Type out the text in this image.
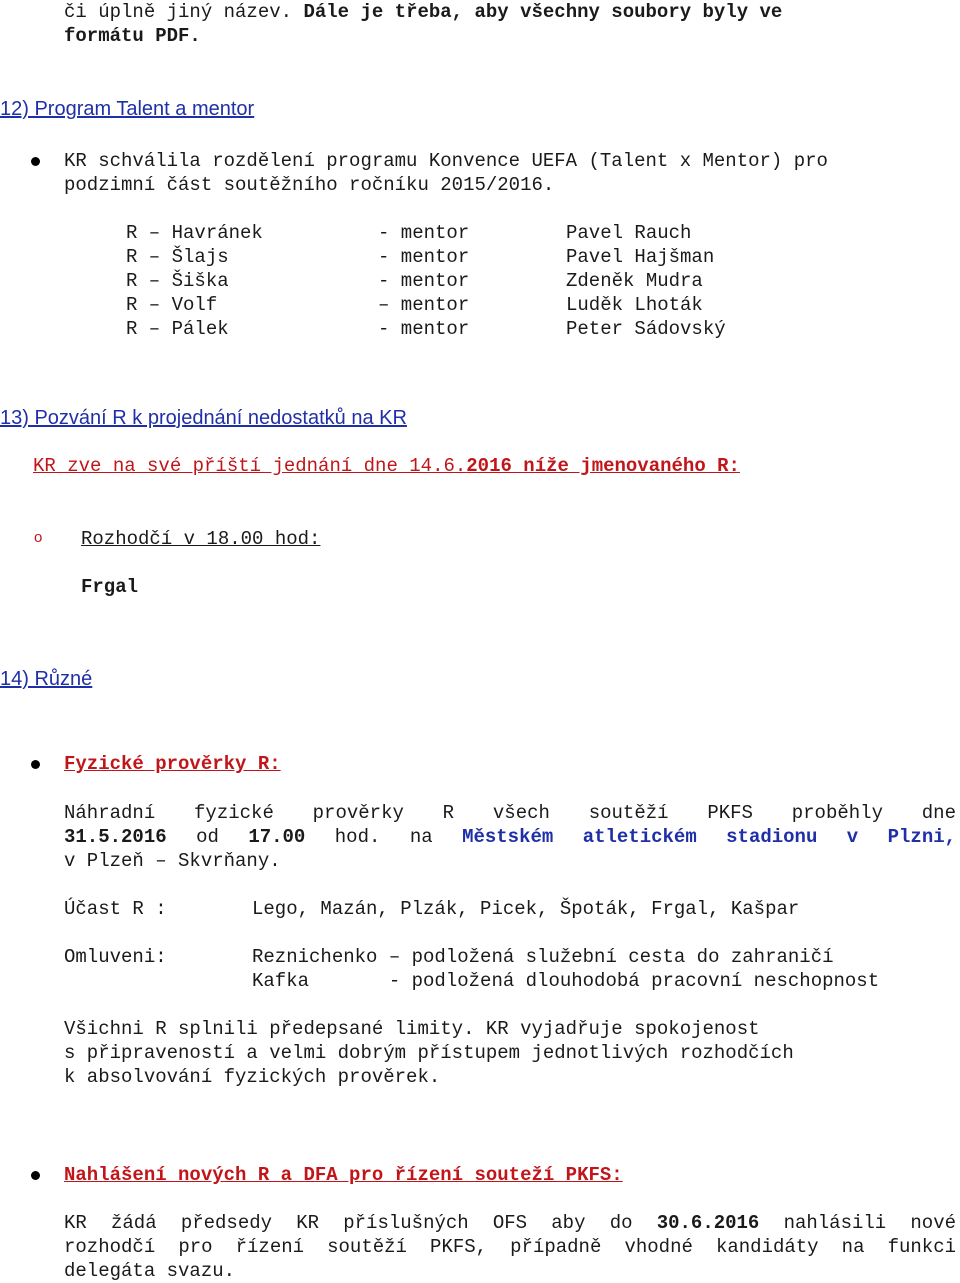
či úplně jiný název. Dále je třeba, aby všechny soubory byly ve
formátu PDF.
12) Program Talent a mentor
KR schválila rozdělení programu Konvence UEFA (Talent x Mentor) pro
podzimní část soutěžního ročníku 2015/2016.
R – Havránek	- mentor	Pavel Rauch
R – Šlajs	- mentor	Pavel Hajšman
R – Šiška	- mentor	Zdeněk Mudra
R – Volf	– mentor	Luděk Lhoták
R – Pálek	- mentor	Peter Sádovský
13) Pozvání R k projednání nedostatků na KR
KR zve na své příští jednání dne 14.6.2016 níže jmenovaného R:
o Rozhodčí v 18.00 hod:
Frgal
14) Různé
Fyzické prověrky R:
Náhradní fyzické prověrky R všech soutěží PKFS proběhly dne
31.5.2016 od 17.00 hod. na Městském atletickém stadionu v Plzni,
v Plzeň – Skvrňany.
Účast R :	Lego, Mazán, Plzák, Picek, Špoták, Frgal, Kašpar
Omluveni:	Reznichenko – podložená služební cesta do zahraničí
Kafka       - podložená dlouhodobá pracovní neschopnost
Všichni R splnili předepsané limity. KR vyjadřuje spokojenost
s připraveností a velmi dobrým přístupem jednotlivých rozhodčích
k absolvování fyzických prověrek.
Nahlášení nových R a DFA pro řízení souteží PKFS:
KR žádá předsedy KR příslušných OFS aby do 30.6.2016 nahlásili nové
rozhodčí pro řízení soutěží PKFS, případně vhodné kandidáty na funkci
delegáta svazu.
